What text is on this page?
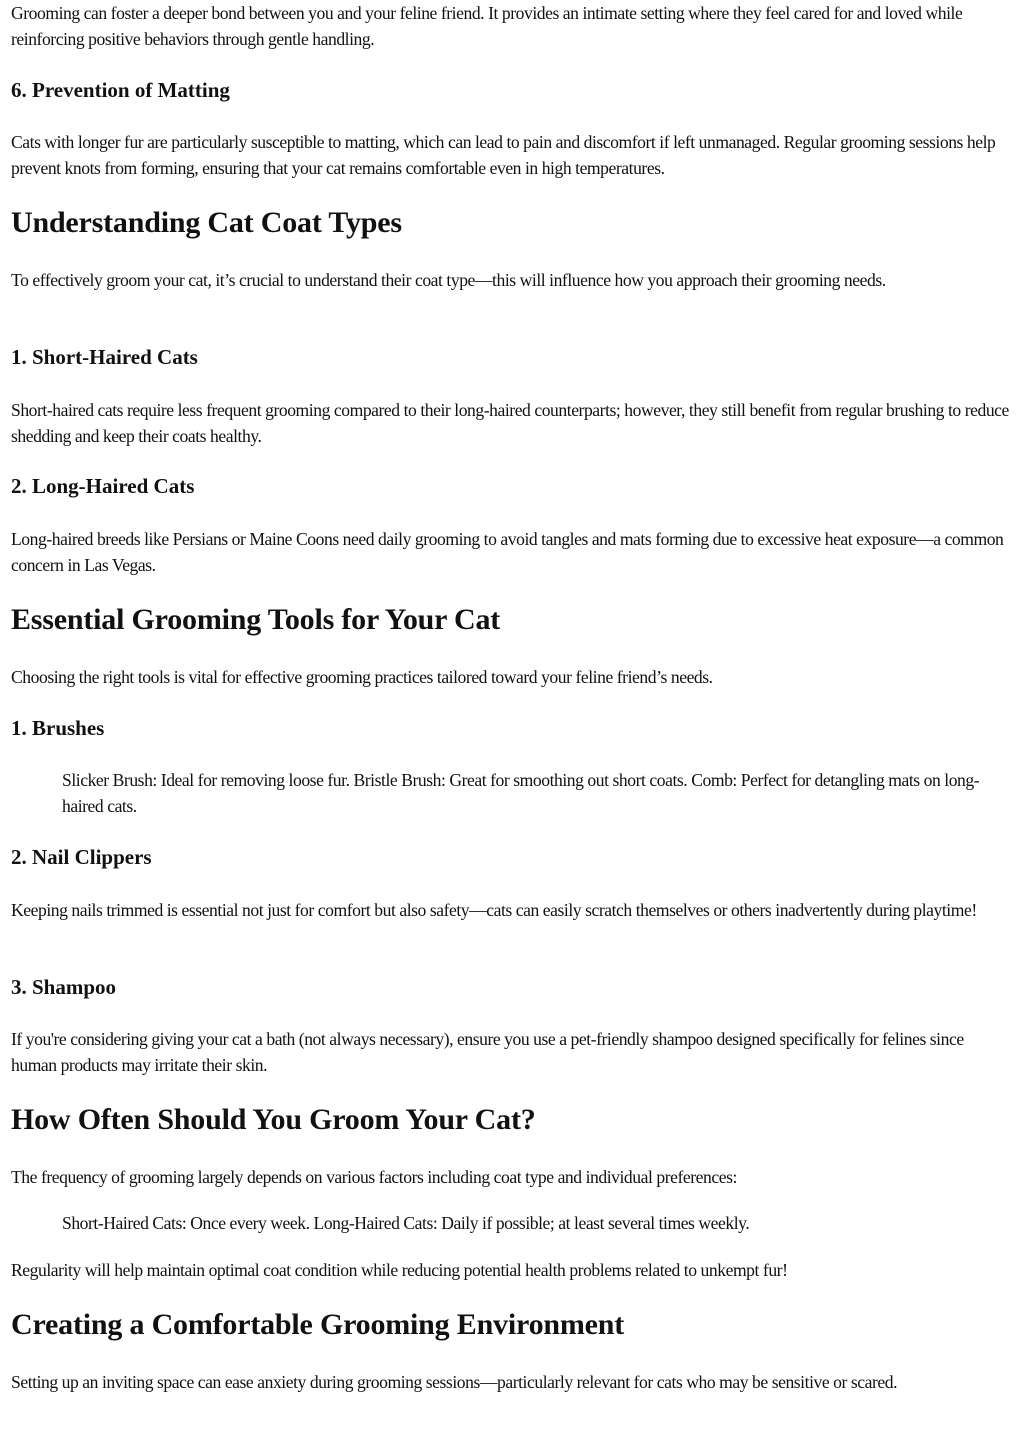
Grooming can foster a deeper bond between you and your feline friend. It provides an intimate setting where they feel cared for and loved while reinforcing positive behaviors through gentle handling.

6. Prevention of Matting

Cats with longer fur are particularly susceptible to matting, which can lead to pain and discomfort if left unmanaged. Regular grooming sessions help prevent knots from forming, ensuring that your cat remains comfortable even in high temperatures.

Understanding Cat Coat Types

To effectively groom your cat, it’s crucial to understand their coat type—this will influence how you approach their grooming needs.

1. Short-Haired Cats

Short-haired cats require less frequent grooming compared to their long-haired counterparts; however, they still benefit from regular brushing to reduce shedding and keep their coats healthy.

2. Long-Haired Cats

Long-haired breeds like Persians or Maine Coons need daily grooming to avoid tangles and mats forming due to excessive heat exposure—a common concern in Las Vegas.

Essential Grooming Tools for Your Cat

Choosing the right tools is vital for effective grooming practices tailored toward your feline friend’s needs.

1. Brushes

Slicker Brush: Ideal for removing loose fur. Bristle Brush: Great for smoothing out short coats. Comb: Perfect for detangling mats on long-haired cats.

2. Nail Clippers

Keeping nails trimmed is essential not just for comfort but also safety—cats can easily scratch themselves or others inadvertently during playtime!

3. Shampoo

If you're considering giving your cat a bath (not always necessary), ensure you use a pet-friendly shampoo designed specifically for felines since human products may irritate their skin.

How Often Should You Groom Your Cat?

The frequency of grooming largely depends on various factors including coat type and individual preferences:

Short-Haired Cats: Once every week. Long-Haired Cats: Daily if possible; at least several times weekly.

Regularity will help maintain optimal coat condition while reducing potential health problems related to unkempt fur!

Creating a Comfortable Grooming Environment

Setting up an inviting space can ease anxiety during grooming sessions—particularly relevant for cats who may be sensitive or scared.
